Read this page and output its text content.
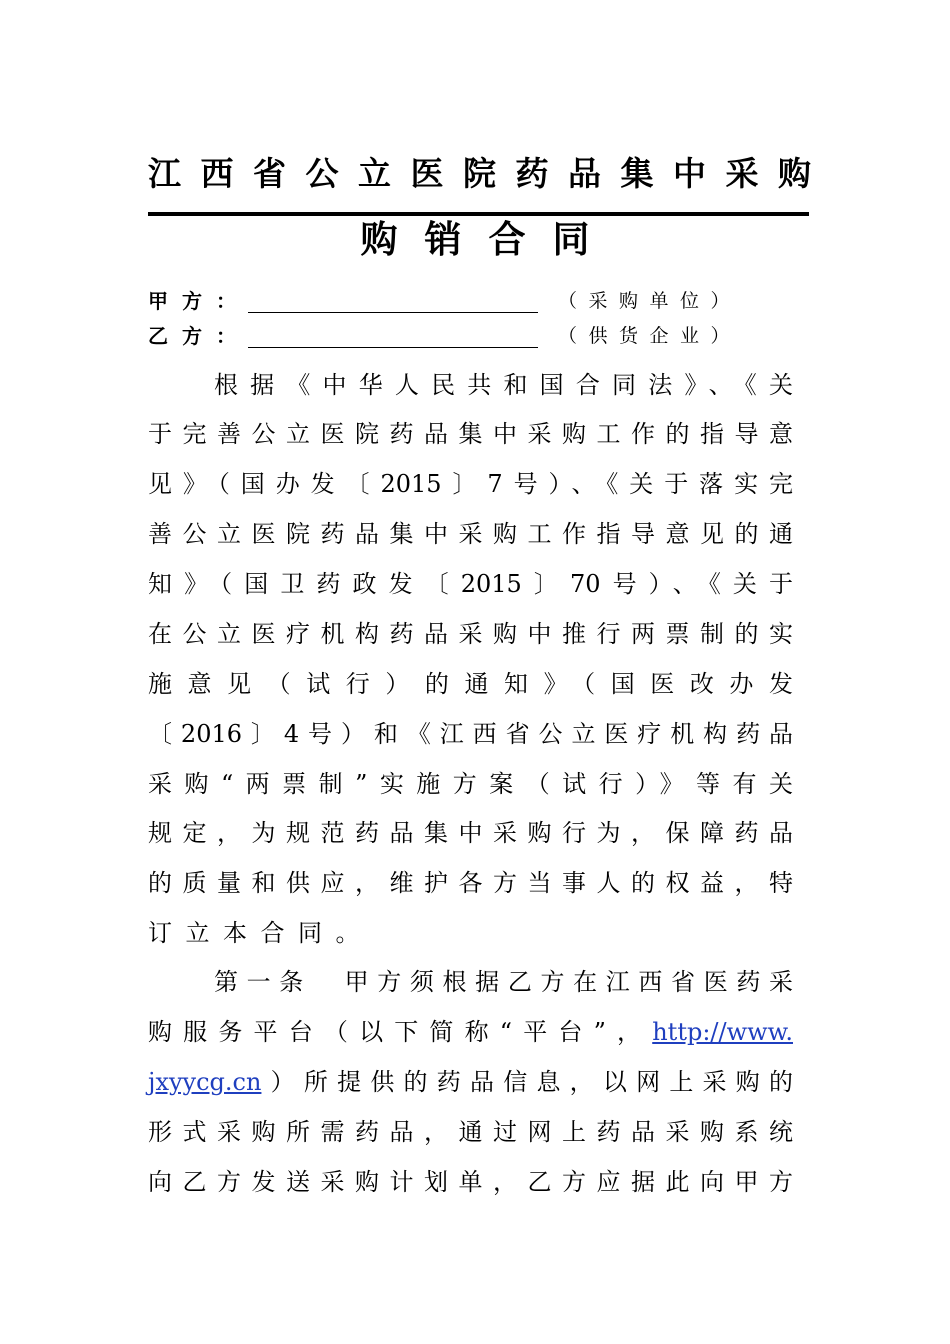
江西省公立医院药品集中采购
购销合同
甲方：	（采购单位）
乙方：	（供货企业）
根据《中华人民共和国合同法》、《关
于完善公立医院药品集中采购工作的指导意
见》（国办发〔2015〕7号）、《关于落实完
善公立医院药品集中采购工作指导意见的通
知》（国卫药政发〔2015〕70号）、《关于
在公立医疗机构药品采购中推行两票制的实
施意见（试行）的通知》（国医改办发
〔2016〕4号）和《江西省公立医疗机构药品
采购“两票制”实施方案（试行）》等有关
规定，为规范药品集中采购行为，保障药品
的质量和供应，维护各方当事人的权益，特
订立本合同。
第一条　甲方须根据乙方在江西省医药采
购服务平台（以下简称“平台”，http://www.
jxyycg.cn）所提供的药品信息，以网上采购的
形式采购所需药品，通过网上药品采购系统
向乙方发送采购计划单，乙方应据此向甲方
